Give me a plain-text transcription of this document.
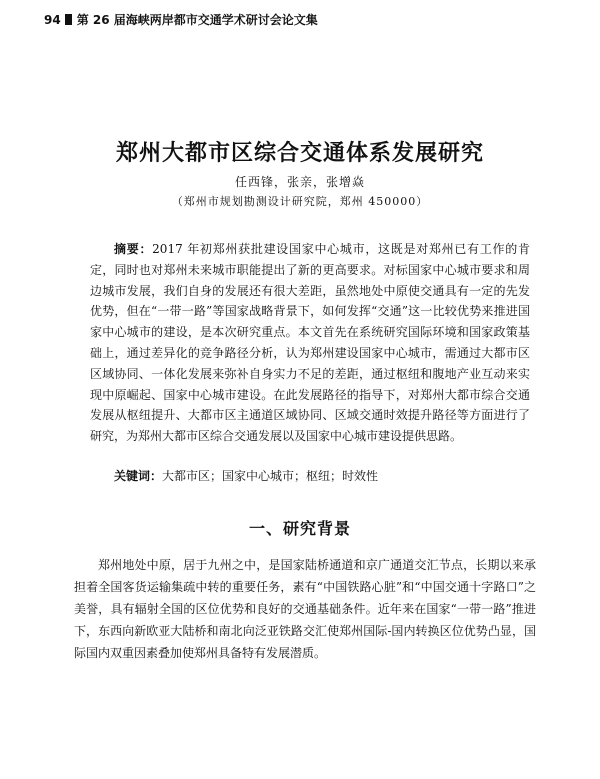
94 第 26 届海峡两岸都市交通学术研讨会论文集
郑州大都市区综合交通体系发展研究
任西锋，张亲，张增焱
（郑州市规划勘测设计研究院，郑州 450000）

摘要：2017 年初郑州获批建设国家中心城市，这既是对郑州已有工作的肯定，同时也对郑州未来城市职能提出了新的更高要求。对标国家中心城市要求和周边城市发展，我们自身的发展还有很大差距，虽然地处中原使交通具有一定的先发优势，但在“一带一路”等国家战略背景下，如何发挥“交通”这一比较优势来推进国家中心城市的建设，是本次研究重点。本文首先在系统研究国际环境和国家政策基础上，通过差异化的竞争路径分析，认为郑州建设国家中心城市，需通过大都市区区域协同、一体化发展来弥补自身实力不足的差距，通过枢纽和腹地产业互动来实现中原崛起、国家中心城市建设。在此发展路径的指导下，对郑州大都市综合交通发展从枢纽提升、大都市区主通道区域协同、区域交通时效提升路径等方面进行了研究，为郑州大都市区综合交通发展以及国家中心城市建设提供思路。

关键词：大都市区；国家中心城市；枢纽；时效性

一、研究背景

郑州地处中原，居于九州之中，是国家陆桥通道和京广通道交汇节点，长期以来承担着全国客货运输集疏中转的重要任务，素有“中国铁路心脏”和“中国交通十字路口”之美誉，具有辐射全国的区位优势和良好的交通基础条件。近年来在国家“一带一路”推进下，东西向新欧亚大陆桥和南北向泛亚铁路交汇使郑州国际-国内转换区位优势凸显，国际国内双重因素叠加使郑州具备特有发展潜质。
